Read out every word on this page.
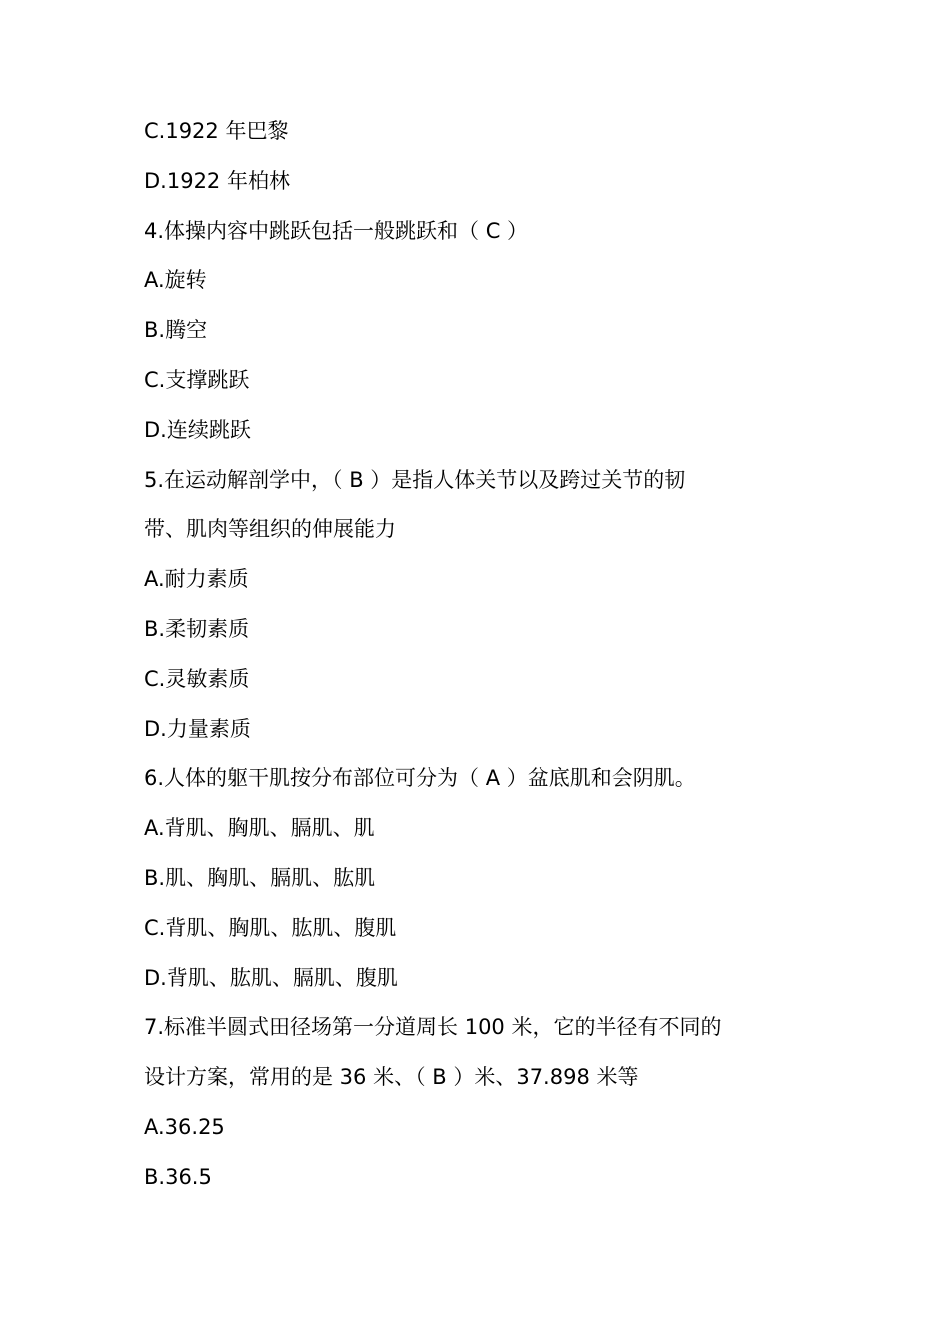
C.1922 年巴黎
D.1922 年柏林
4.体操内容中跳跃包括一般跳跃和（ C ）
A.旋转
B.腾空
C.支撑跳跃
D.连续跳跃
5.在运动解剖学中，（ B ）是指人体关节以及跨过关节的韧
带、肌肉等组织的伸展能力
A.耐力素质
B.柔韧素质
C.灵敏素质
D.力量素质
6.人体的躯干肌按分布部位可分为（ A ）盆底肌和会阴肌。
A.背肌、胸肌、膈肌、肌
B.肌、胸肌、膈肌、肱肌
C.背肌、胸肌、肱肌、腹肌
D.背肌、肱肌、膈肌、腹肌
7.标准半圆式田径场第一分道周长 100 米，它的半径有不同的
设计方案，常用的是 36 米、（ B ）米、37.898 米等
A.36.25
B.36.5
